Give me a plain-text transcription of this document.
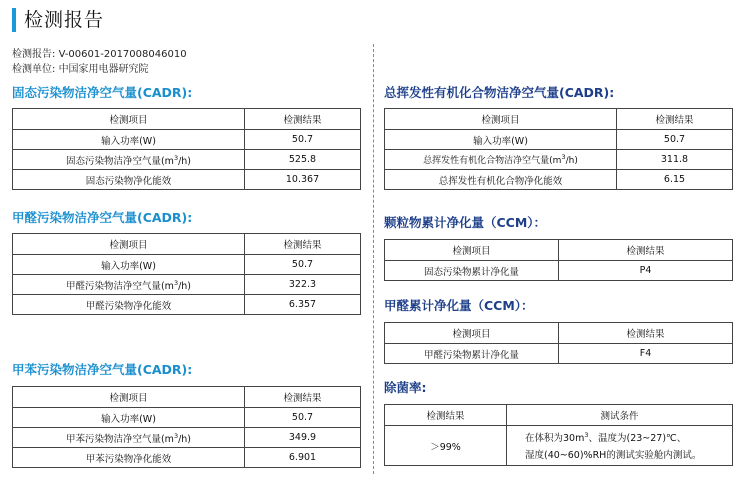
检测报告
检测报告: V-00601-2017008046010
检测单位: 中国家用电器研究院
固态污染物洁净空气量(CADR):
检测项目	检测结果
输入功率(W)	50.7
固态污染物洁净空气量$(m^3/h)$	525.8
固态污染物净化能效	10.367
甲醛污染物洁净空气量(CADR):
检测项目	检测结果
输入功率(W)	50.7
甲醛污染物洁净空气量$(m^3/h)$	322.3
甲醛污染物净化能效	6.357
甲苯污染物洁净空气量(CADR):
检测项目	检测结果
输入功率(W)	50.7
甲苯污染物洁净空气量$(m^3/h)$	349.9
甲苯污染物净化能效	6.901
总挥发性有机化合物洁净空气量(CADR):
检测项目	检测结果
输入功率(W)	50.7
总挥发性有机化合物洁净空气量$(m^3/h)$	311.8
总挥发性有机化合物净化能效	6.15
颗粒物累计净化量（CCM）：
检测项目	检测结果
固态污染物累计净化量	P4
甲醛累计净化量（CCM）：
检测项目	检测结果
甲醛污染物累计净化量	F4
除菌率:
检测结果	测试条件
＞99%	在体积为$30m^3$、温度为(23~27)℃、
湿度(40~60)%RH的测试实验舱内测试。
